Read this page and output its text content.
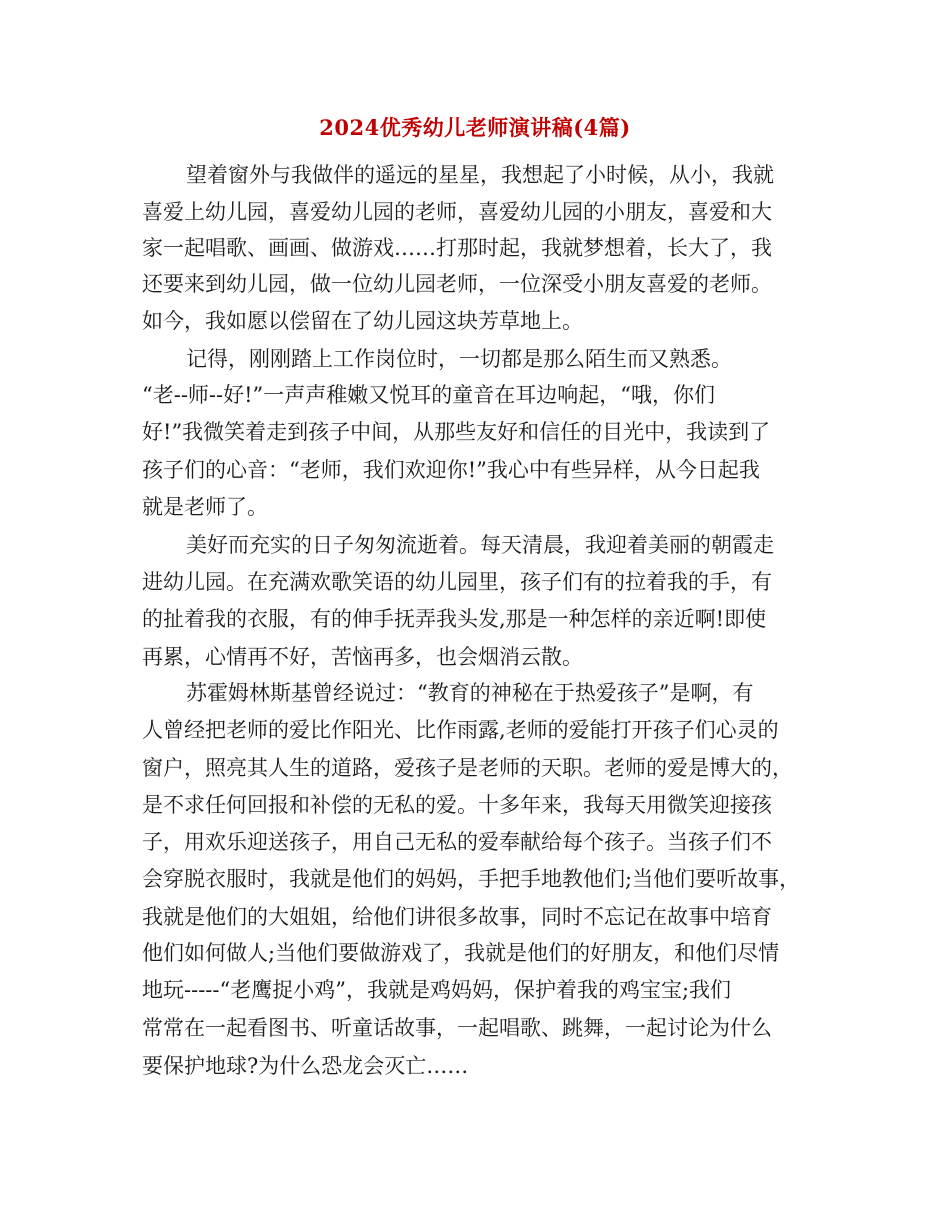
2024优秀幼儿老师演讲稿(4篇)
望着窗外与我做伴的遥远的星星，我想起了小时候，从小，我就
喜爱上幼儿园，喜爱幼儿园的老师，喜爱幼儿园的小朋友，喜爱和大
家一起唱歌、画画、做游戏……打那时起，我就梦想着，长大了，我
还要来到幼儿园，做一位幼儿园老师，一位深受小朋友喜爱的老师。
如今，我如愿以偿留在了幼儿园这块芳草地上。
记得，刚刚踏上工作岗位时，一切都是那么陌生而又熟悉。
“老--师--好!”一声声稚嫩又悦耳的童音在耳边响起，“哦，你们
好!”我微笑着走到孩子中间，从那些友好和信任的目光中，我读到了
孩子们的心音：“老师，我们欢迎你!”我心中有些异样，从今日起我
就是老师了。
美好而充实的日子匆匆流逝着。每天清晨，我迎着美丽的朝霞走
进幼儿园。在充满欢歌笑语的幼儿园里，孩子们有的拉着我的手，有
的扯着我的衣服，有的伸手抚弄我头发,那是一种怎样的亲近啊!即使
再累，心情再不好，苦恼再多，也会烟消云散。
苏霍姆林斯基曾经说过：“教育的神秘在于热爱孩子”是啊，有
人曾经把老师的爱比作阳光、比作雨露,老师的爱能打开孩子们心灵的
窗户，照亮其人生的道路，爱孩子是老师的天职。老师的爱是博大的，
是不求任何回报和补偿的无私的爱。十多年来，我每天用微笑迎接孩
子，用欢乐迎送孩子，用自己无私的爱奉献给每个孩子。当孩子们不
会穿脱衣服时，我就是他们的妈妈，手把手地教他们;当他们要听故事，
我就是他们的大姐姐，给他们讲很多故事，同时不忘记在故事中培育
他们如何做人;当他们要做游戏了，我就是他们的好朋友，和他们尽情
地玩-----“老鹰捉小鸡”，我就是鸡妈妈，保护着我的鸡宝宝;我们
常常在一起看图书、听童话故事，一起唱歌、跳舞，一起讨论为什么
要保护地球?为什么恐龙会灭亡……
